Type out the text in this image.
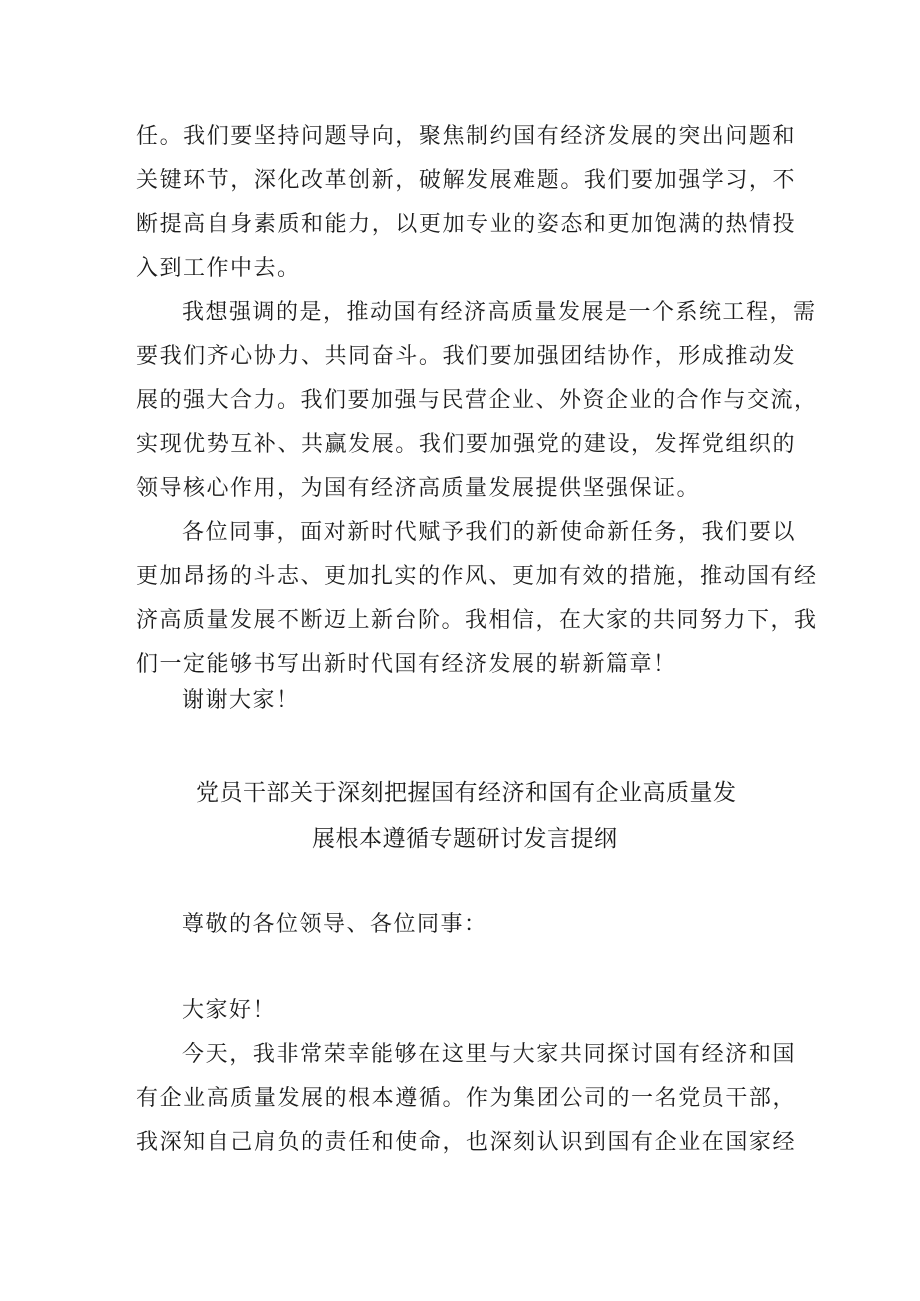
任。我们要坚持问题导向，聚焦制约国有经济发展的突出问题和
关键环节，深化改革创新，破解发展难题。我们要加强学习，不
断提高自身素质和能力，以更加专业的姿态和更加饱满的热情投
入到工作中去。
我想强调的是，推动国有经济高质量发展是一个系统工程，需
要我们齐心协力、共同奋斗。我们要加强团结协作，形成推动发
展的强大合力。我们要加强与民营企业、外资企业的合作与交流，
实现优势互补、共赢发展。我们要加强党的建设，发挥党组织的
领导核心作用，为国有经济高质量发展提供坚强保证。
各位同事，面对新时代赋予我们的新使命新任务，我们要以
更加昂扬的斗志、更加扎实的作风、更加有效的措施，推动国有经
济高质量发展不断迈上新台阶。我相信，在大家的共同努力下，我
们一定能够书写出新时代国有经济发展的崭新篇章！
谢谢大家！
党员干部关于深刻把握国有经济和国有企业高质量发
展根本遵循专题研讨发言提纲
尊敬的各位领导、各位同事：
大家好！
今天，我非常荣幸能够在这里与大家共同探讨国有经济和国
有企业高质量发展的根本遵循。作为集团公司的一名党员干部，
我深知自己肩负的责任和使命，也深刻认识到国有企业在国家经
